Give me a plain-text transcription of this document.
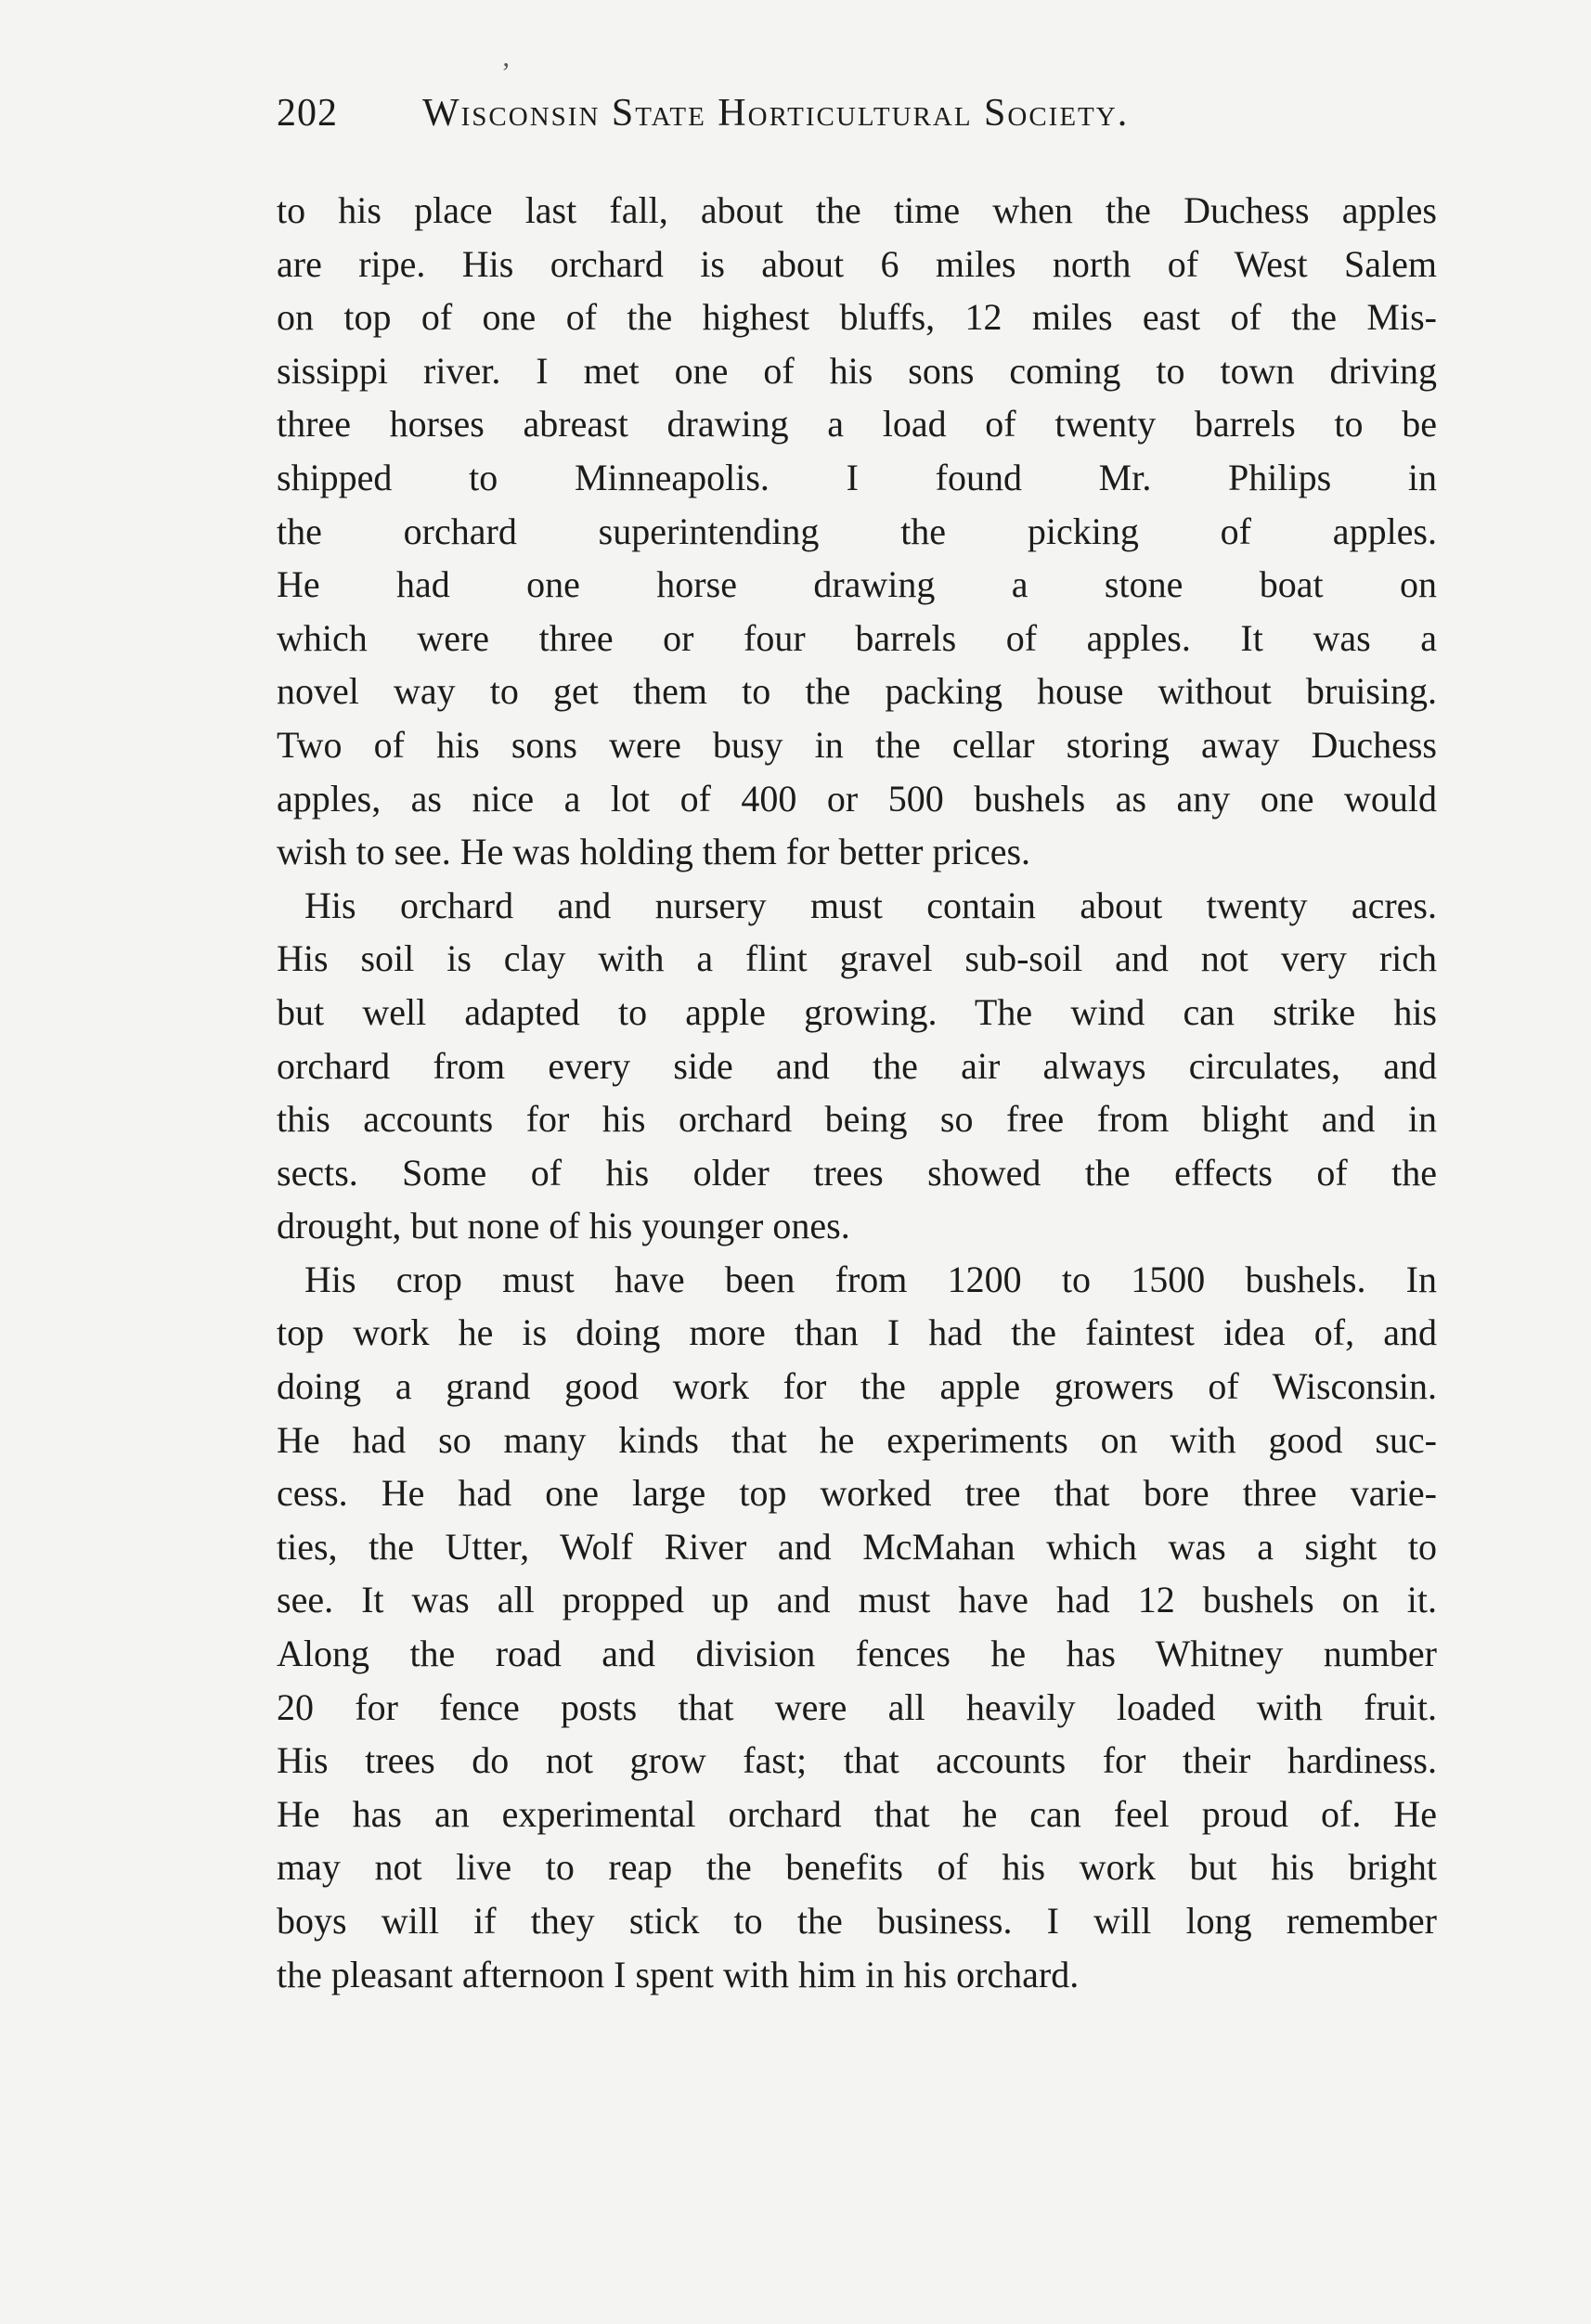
ʼ
202 Wisconsin State Horticultural Society.
to his place last fall, about the time when the Duchess apples
are ripe. His orchard is about 6 miles north of West Salem
on top of one of the highest bluffs, 12 miles east of the Mis-
sissippi river. I met one of his sons coming to town driving
three horses abreast drawing a load of twenty barrels to be
shipped to Minneapolis. I found Mr. Philips in
the orchard superintending the picking of apples.
He had one horse drawing a stone boat on
which were three or four barrels of apples. It was a
novel way to get them to the packing house without bruising.
Two of his sons were busy in the cellar storing away Duchess
apples, as nice a lot of 400 or 500 bushels as any one would
wish to see. He was holding them for better prices.
His orchard and nursery must contain about twenty acres.
His soil is clay with a flint gravel sub-soil and not very rich
but well adapted to apple growing. The wind can strike his
orchard from every side and the air always circulates, and
this accounts for his orchard being so free from blight and in
sects. Some of his older trees showed the effects of the
drought, but none of his younger ones.
His crop must have been from 1200 to 1500 bushels. In
top work he is doing more than I had the faintest idea of, and
doing a grand good work for the apple growers of Wisconsin.
He had so many kinds that he experiments on with good suc-
cess. He had one large top worked tree that bore three varie-
ties, the Utter, Wolf River and McMahan which was a sight to
see. It was all propped up and must have had 12 bushels on it.
Along the road and division fences he has Whitney number
20 for fence posts that were all heavily loaded with fruit.
His trees do not grow fast; that accounts for their hardiness.
He has an experimental orchard that he can feel proud of. He
may not live to reap the benefits of his work but his bright
boys will if they stick to the business. I will long remember
the pleasant afternoon I spent with him in his orchard.
